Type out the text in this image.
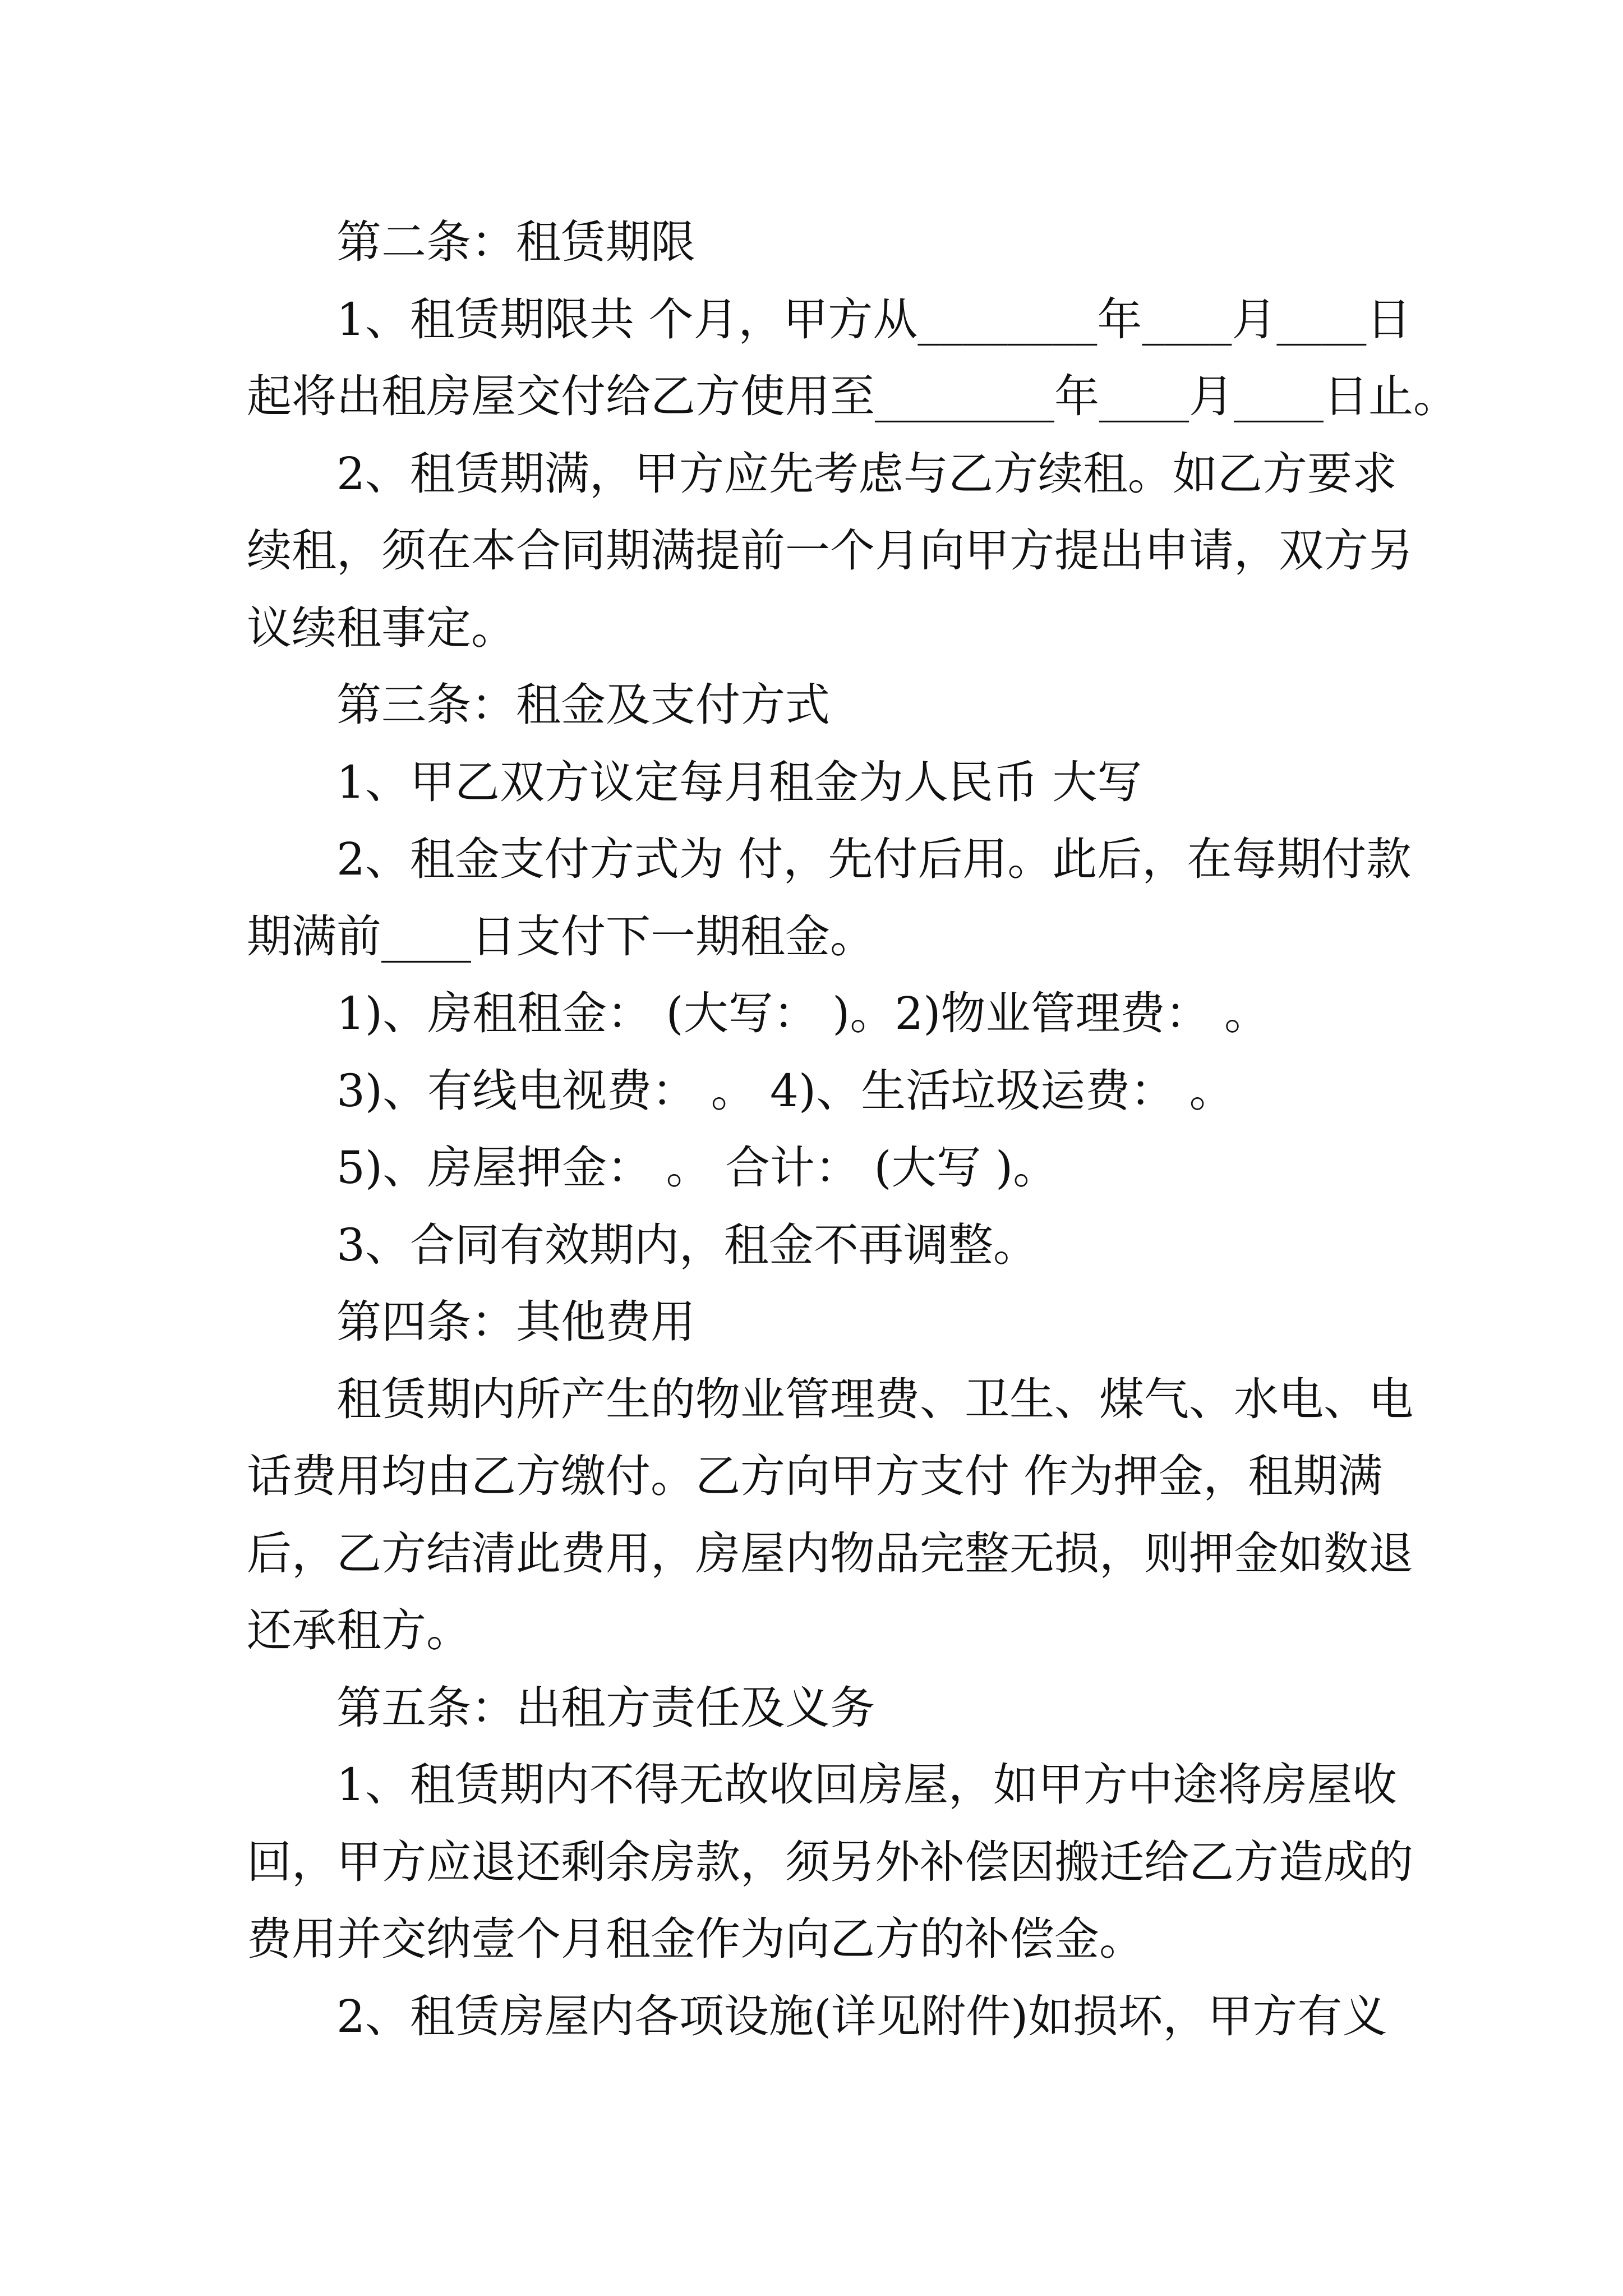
第二条：租赁期限
1、租赁期限共 个月，甲方从________年____月____日
起将出租房屋交付给乙方使用至________年____月____日止。
2、租赁期满，甲方应先考虑与乙方续租。如乙方要求
续租，须在本合同期满提前一个月向甲方提出申请，双方另
议续租事定。
第三条：租金及支付方式
1、甲乙双方议定每月租金为人民币 大写
2、租金支付方式为 付，先付后用。此后，在每期付款
期满前____日支付下一期租金。
1)、房租租金： (大写： )。2)物业管理费： 。
3)、有线电视费： 。 4)、生活垃圾运费： 。
5)、房屋押金： 。 合计： (大写 )。
3、合同有效期内，租金不再调整。
第四条：其他费用
租赁期内所产生的物业管理费、卫生、煤气、水电、电
话费用均由乙方缴付。乙方向甲方支付 作为押金，租期满
后，乙方结清此费用，房屋内物品完整无损，则押金如数退
还承租方。
第五条：出租方责任及义务
1、租赁期内不得无故收回房屋，如甲方中途将房屋收
回，甲方应退还剩余房款，须另外补偿因搬迁给乙方造成的
费用并交纳壹个月租金作为向乙方的补偿金。
2、租赁房屋内各项设施(详见附件)如损坏，甲方有义
